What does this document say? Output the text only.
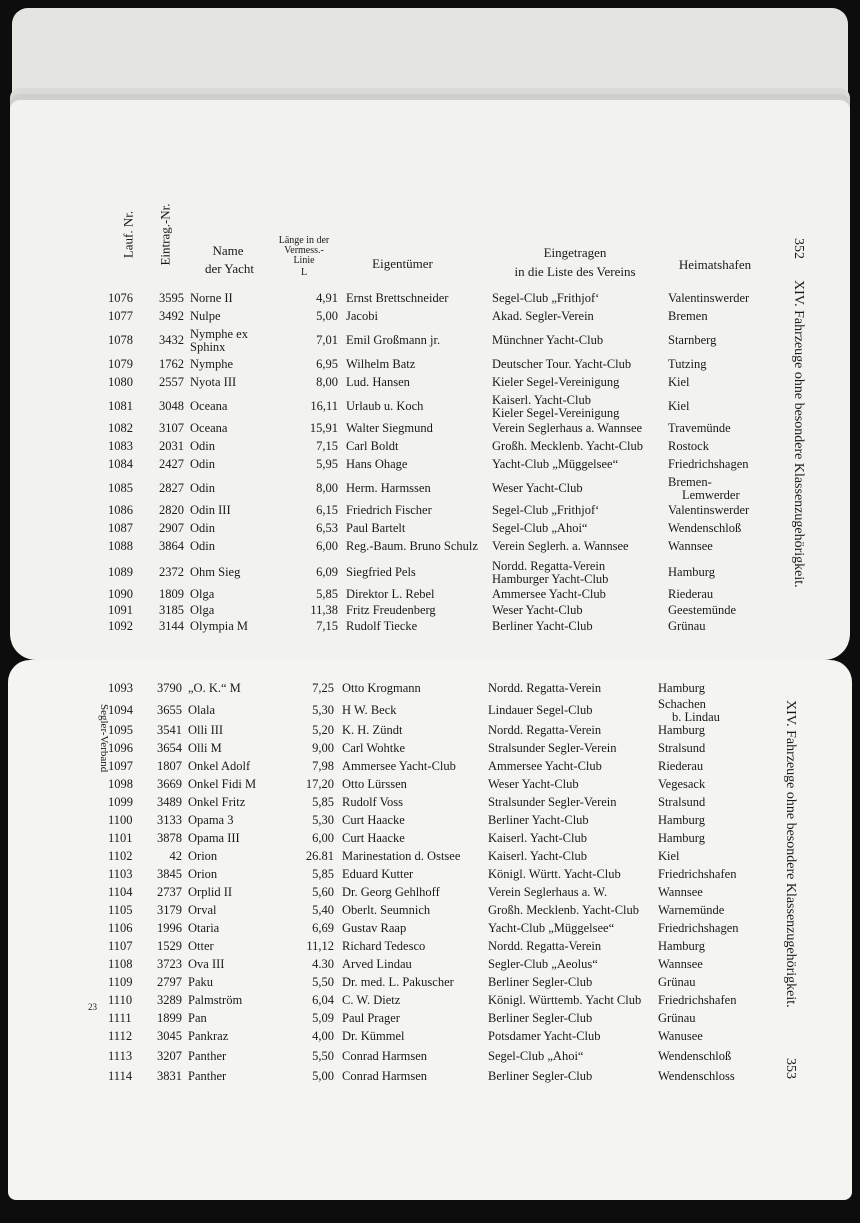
Lauf. Nr. Eintrag.-Nr.	Name
der Yacht
Länge in der
Vermess.-
Linie
L
Eigentümer
Eingetragen
in die Liste des Vereins	Heimatshafen
1076	3595 Norne II	4,91 Ernst Brettschneider	Segel-Club „Frithjof‘	Valentinswerder
1077	3492 Nulpe	5,00 Jacobi	Akad. Segler-Verein	Bremen
1078	3432 Nymphe ex
Sphinx	7,01 Emil Großmann jr.	Münchner Yacht-Club	Starnberg
1079	1762 Nymphe	6,95 Wilhelm Batz	Deutscher Tour. Yacht-Club	Tutzing
1080	2557 Nyota III	8,00 Lud. Hansen	Kieler Segel-Vereinigung	Kiel
1081	3048 Oceana	16,11 Urlaub u. Koch	Kaiserl. Yacht-Club
Kieler Segel-Vereinigung	Kiel
1082	3107 Oceana	15,91 Walter Siegmund	Verein Seglerhaus a. Wannsee	Travemünde
1083	2031 Odin	7,15 Carl Boldt	Großh. Mecklenb. Yacht-Club	Rostock
1084	2427 Odin	5,95 Hans Ohage	Yacht-Club „Müggelsee“	Friedrichshagen
1085	2827 Odin	8,00 Herm. Harmssen	Weser Yacht-Club	Bremen-
Lemwerder
1086	2820 Odin III	6,15 Friedrich Fischer	Segel-Club „Frithjof‘	Valentinswerder
1087	2907 Odin	6,53 Paul Bartelt	Segel-Club „Ahoi“	Wendenschloß
1088	3864 Odin	6,00 Reg.-Baum. Bruno Schulz	Verein Seglerh. a. Wannsee	Wannsee
1089	2372 Ohm Sieg	6,09 Siegfried Pels	Nordd. Regatta-Verein
Hamburger Yacht-Club	Hamburg
1090	1809 Olga	5,85 Direktor L. Rebel	Ammersee Yacht-Club	Riederau
1091	3185 Olga	11,38 Fritz Freudenberg	Weser Yacht-Club	Geestemünde
1092	3144 Olympia M	7,15 Rudolf Tiecke	Berliner Yacht-Club	Grünau
352
XIV. Fahrzeuge ohne besondere Klassenzugehörigkeit.
1093	3790 „O. K.“ M	7,25 Otto Krogmann	Nordd. Regatta-Verein	Hamburg
1094	3655 Olala	5,30 H W. Beck	Lindauer Segel-Club	Schachen
b. Lindau
1095	3541 Olli III	5,20 K. H. Zündt	Nordd. Regatta-Verein	Hamburg
1096	3654 Olli M	9,00 Carl Wohtke	Stralsunder Segler-Verein	Stralsund
1097	1807 Onkel Adolf	7,98 Ammersee Yacht-Club	Ammersee Yacht-Club	Riederau
1098	3669 Onkel Fidi M	17,20 Otto Lürssen	Weser Yacht-Club	Vegesack
1099	3489 Onkel Fritz	5,85 Rudolf Voss	Stralsunder Segler-Verein	Stralsund
1100	3133 Opama 3	5,30 Curt Haacke	Berliner Yacht-Club	Hamburg
1101	3878 Opama III	6,00 Curt Haacke	Kaiserl. Yacht-Club	Hamburg
1102	42 Orion	26.81 Marinestation d. Ostsee	Kaiserl. Yacht-Club	Kiel
1103	3845 Orion	5,85 Eduard Kutter	Königl. Württ. Yacht-Club	Friedrichshafen
1104	2737 Orplid II	5,60 Dr. Georg Gehlhoff	Verein Seglerhaus a. W.	Wannsee
1105	3179 Orval	5,40 Oberlt. Seumnich	Großh. Mecklenb. Yacht-Club	Warnemünde
1106	1996 Otaria	6,69 Gustav Raap	Yacht-Club „Müggelsee“	Friedrichshagen
1107	1529 Otter	11,12 Richard Tedesco	Nordd. Regatta-Verein	Hamburg
1108	3723 Ova III	4.30 Arved Lindau	Segler-Club „Aeolus“	Wannsee
1109	2797 Paku	5,50 Dr. med. L. Pakuscher	Berliner Segler-Club	Grünau
1110	3289 Palmström	6,04 C. W. Dietz	Königl. Württemb. Yacht Club	Friedrichshafen
1111	1899 Pan	5,09 Paul Prager	Berliner Segler-Club	Grünau
1112	3045 Pankraz	4,00 Dr. Kümmel	Potsdamer Yacht-Club	Wanusee
1113	3207 Panther	5,50 Conrad Harmsen	Segel-Club „Ahoi“	Wendenschloß
1114	3831 Panther	5,00 Conrad Harmsen	Berliner Segler-Club	Wendenschloss
Segler-Verband
23	XIV. Fahrzeuge ohne besondere Klassenzugehörigkeit.
353
